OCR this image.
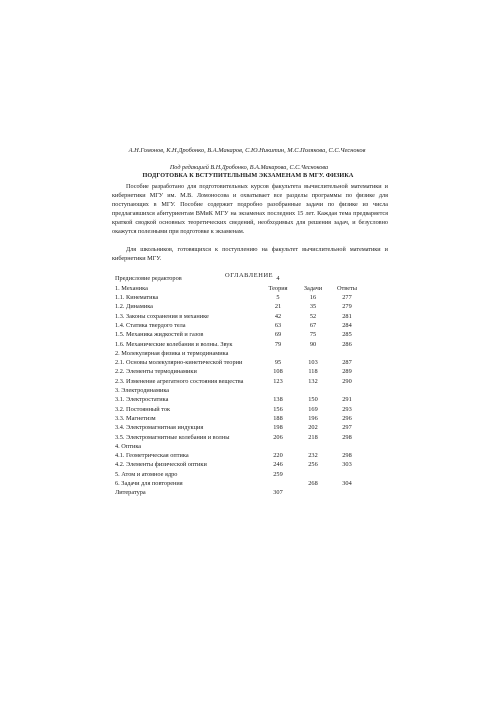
А.Н.Гомонов, К.Н.Дробонко, В.А.Макаров, С.Ю.Никитин, М.С.Полякова, С.С.Чесноков
Под редакцией В.Н.Дробонко, В.А.Макарова, С.С.Чеснокова
ПОДГОТОВКА К ВСТУПИТЕЛЬНЫМ ЭКЗАМЕНАМ В МГУ. ФИЗИКА
Пособие разработано для подготовительных курсов факультета вычислительной математики и кибернетики МГУ им. М.В. Ломоносова и охватывает все разделы программы по физике для поступающих в МГУ. Пособие содержит подробно разобранные задачи по физике из числа предлагавшихся абитуриентам ВМиК МГУ на экзаменах последних 15 лет. Каждая тема предваряется краткой сводкой основных теоретических сведений, необходимых для решения задач, и безусловно окажутся полезными при подготовке к экзаменам.
Для школьников, готовящихся к поступлению на факультет вычислительной математики и кибернетики МГУ.
ОГЛАВЛЕНИЕ
Предисловие редакторов	4		
1. Механика	Теория	Задачи	Ответы
1.1. Кинематика	5	16	277
1.2. Динамика	21	35	279
1.3. Законы сохранения в механике	42	52	281
1.4. Статика твердого тела	63	67	284
1.5. Механика жидкостей и газов	69	75	285
1.6. Механические колебания и волны. Звук	79	90	286
2. Молекулярная физика и термодинамика			
2.1. Основы молекулярно-кинетической теории	95	103	287
2.2. Элементы термодинамики	108	118	289
2.3. Изменение агрегатного состояния вещества	123	132	290
3. Электродинамика			
3.1. Электростатика	138	150	291
3.2. Постоянный ток	156	169	293
3.3. Магнетизм	188	196	296
3.4. Электромагнитная индукция	198	202	297
3.5. Электромагнитные колебания и волны	206	218	298
4. Оптика			
4.1. Геометрическая оптика	220	232	298
4.2. Элементы физической оптики	246	256	303
5. Атом и атомное ядро	259		
6. Задачи для повторения		268	304
Литература	307		
